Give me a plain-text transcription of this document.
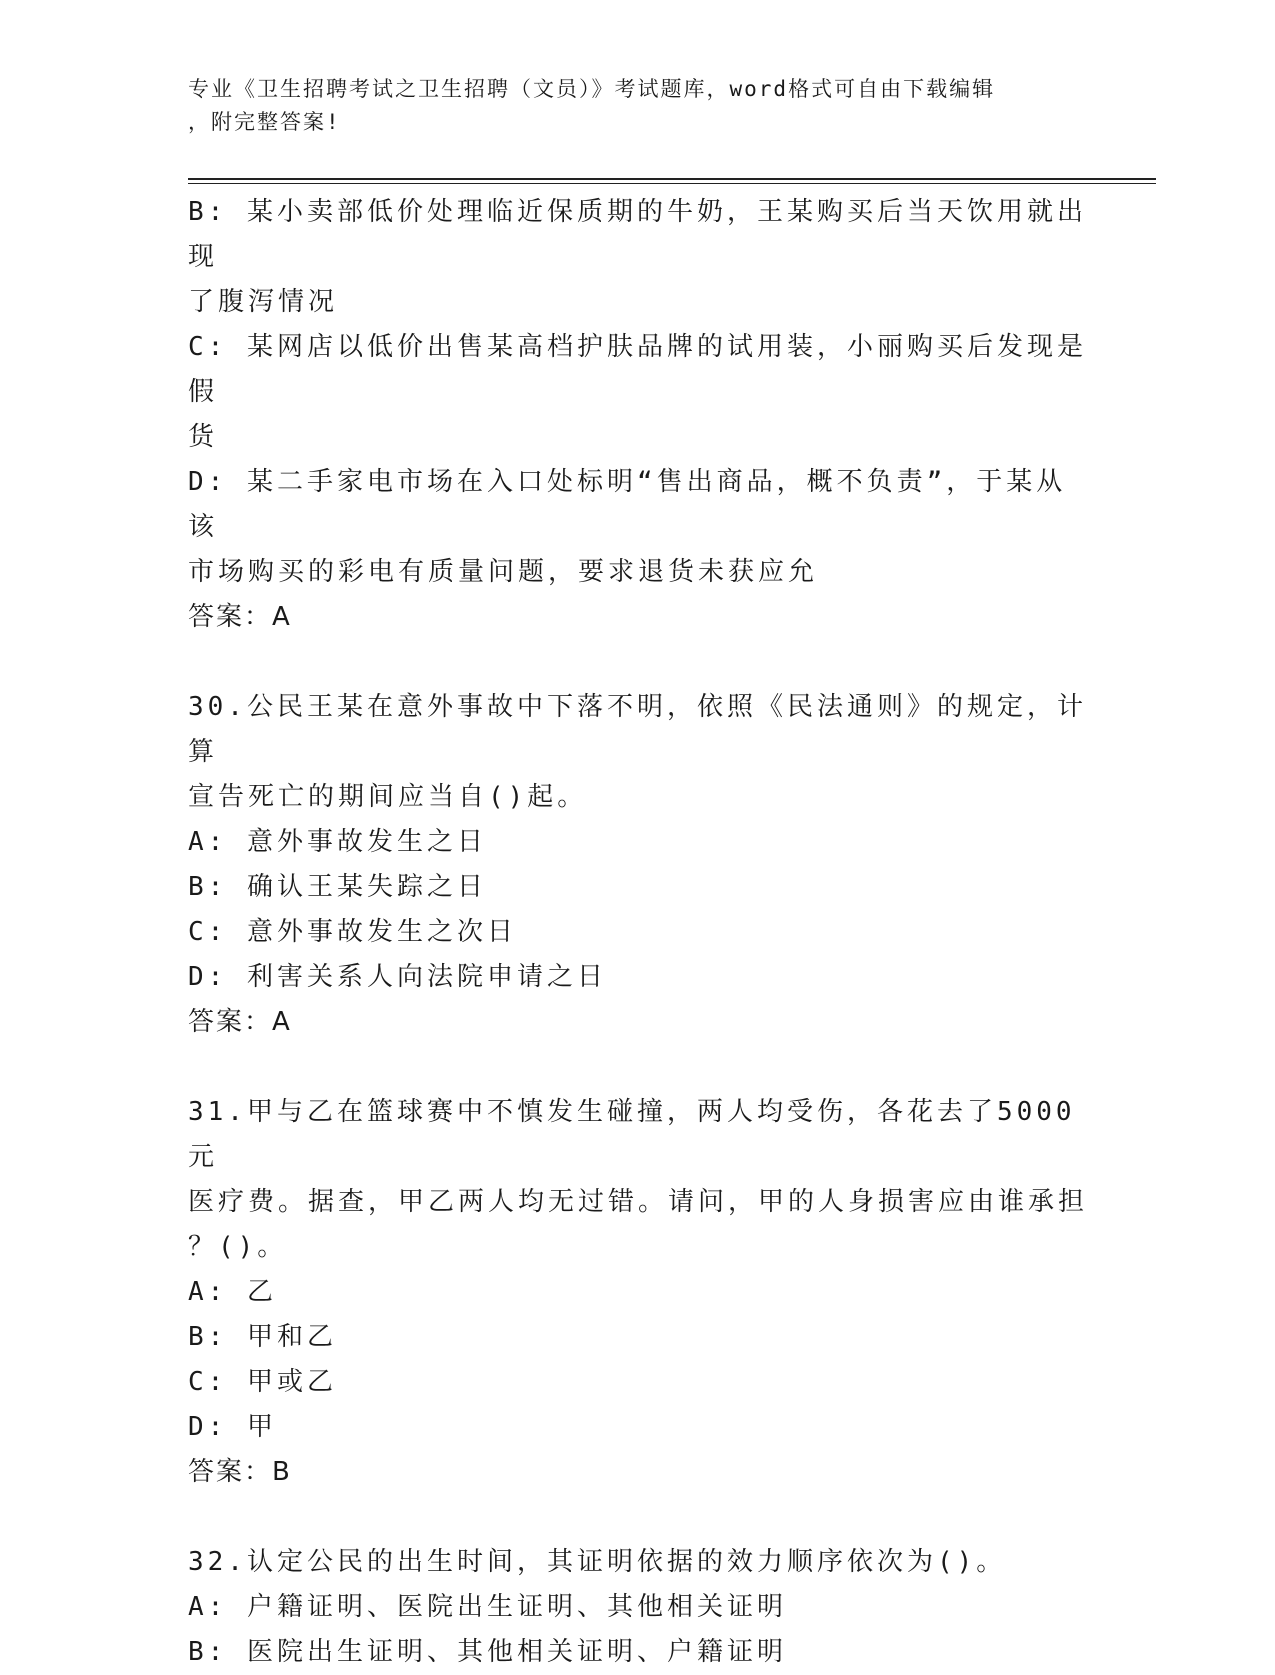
专业《卫生招聘考试之卫生招聘（文员）》考试题库，word格式可自由下载编辑
，附完整答案!
B: 某小卖部低价处理临近保质期的牛奶，王某购买后当天饮用就出现
了腹泻情况
C: 某网店以低价出售某高档护肤品牌的试用装，小丽购买后发现是假
货
D: 某二手家电市场在入口处标明“售出商品，概不负责”，于某从该
市场购买的彩电有质量问题，要求退货未获应允
答案：A
30.公民王某在意外事故中下落不明，依照《民法通则》的规定，计算
宣告死亡的期间应当自()起。
A: 意外事故发生之日
B: 确认王某失踪之日
C: 意外事故发生之次日
D: 利害关系人向法院申请之日
答案：A
31.甲与乙在篮球赛中不慎发生碰撞，两人均受伤，各花去了5000元
医疗费。据查，甲乙两人均无过错。请问，甲的人身损害应由谁承担
？()。
A: 乙
B: 甲和乙
C: 甲或乙
D: 甲
答案：B
32.认定公民的出生时间，其证明依据的效力顺序依次为()。
A: 户籍证明、医院出生证明、其他相关证明
B: 医院出生证明、其他相关证明、户籍证明
